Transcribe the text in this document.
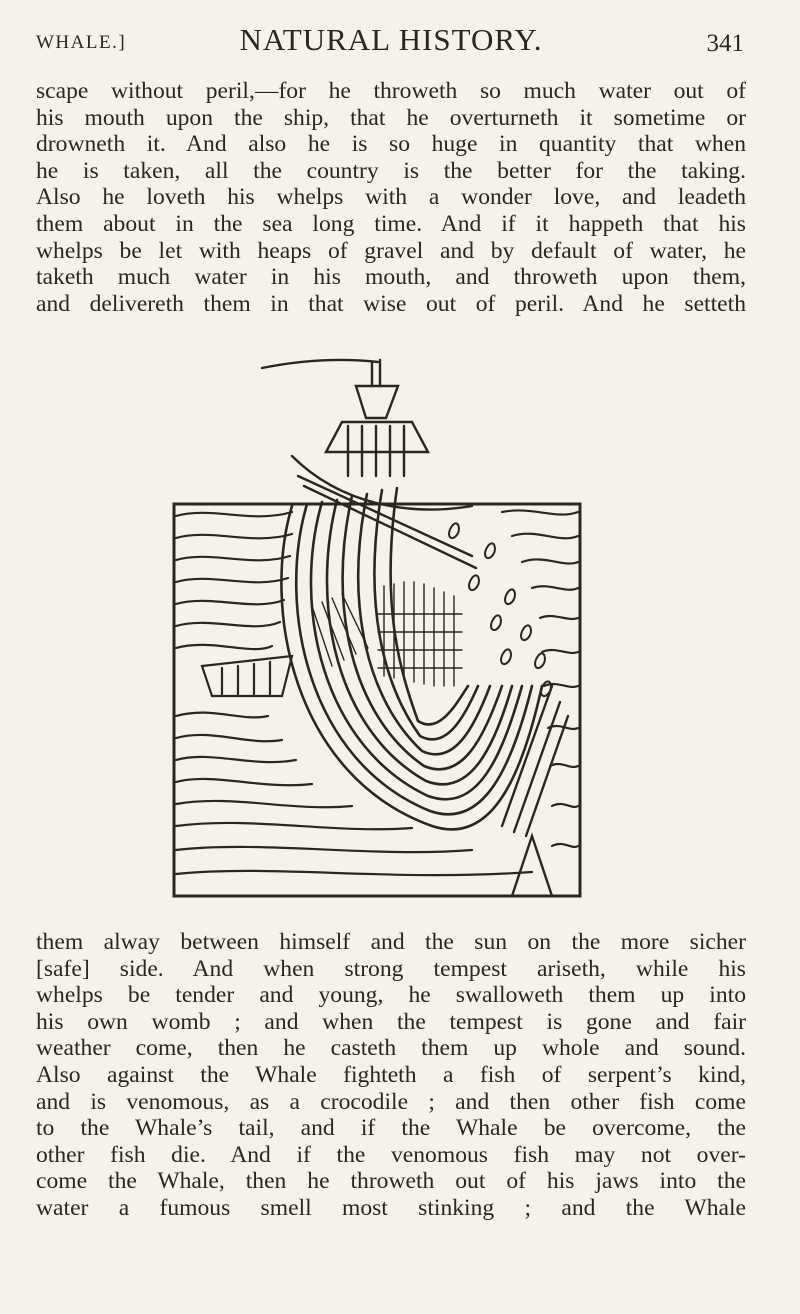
WHALE.]	NATURAL HISTORY.	341
scape without peril,—for he throweth so much water out of
his mouth upon the ship, that he overturneth it sometime or
drowneth it. And also he is so huge in quantity that when
he is taken, all the country is the better for the taking.
Also he loveth his whelps with a wonder love, and leadeth
them about in the sea long time. And if it happeth that his
whelps be let with heaps of gravel and by default of water, he
taketh much water in his mouth, and throweth upon them,
and delivereth them in that wise out of peril. And he setteth
them alway between himself and the sun on the more sicher
[safe] side. And when strong tempest ariseth, while his
whelps be tender and young, he swalloweth them up into
his own womb ; and when the tempest is gone and fair
weather come, then he casteth them up whole and sound.
Also against the Whale fighteth a fish of serpent’s kind,
and is venomous, as a crocodile ; and then other fish come
to the Whale’s tail, and if the Whale be overcome, the
other fish die. And if the venomous fish may not over-
come the Whale, then he throweth out of his jaws into the
water a fumous smell most stinking ; and the Whale
